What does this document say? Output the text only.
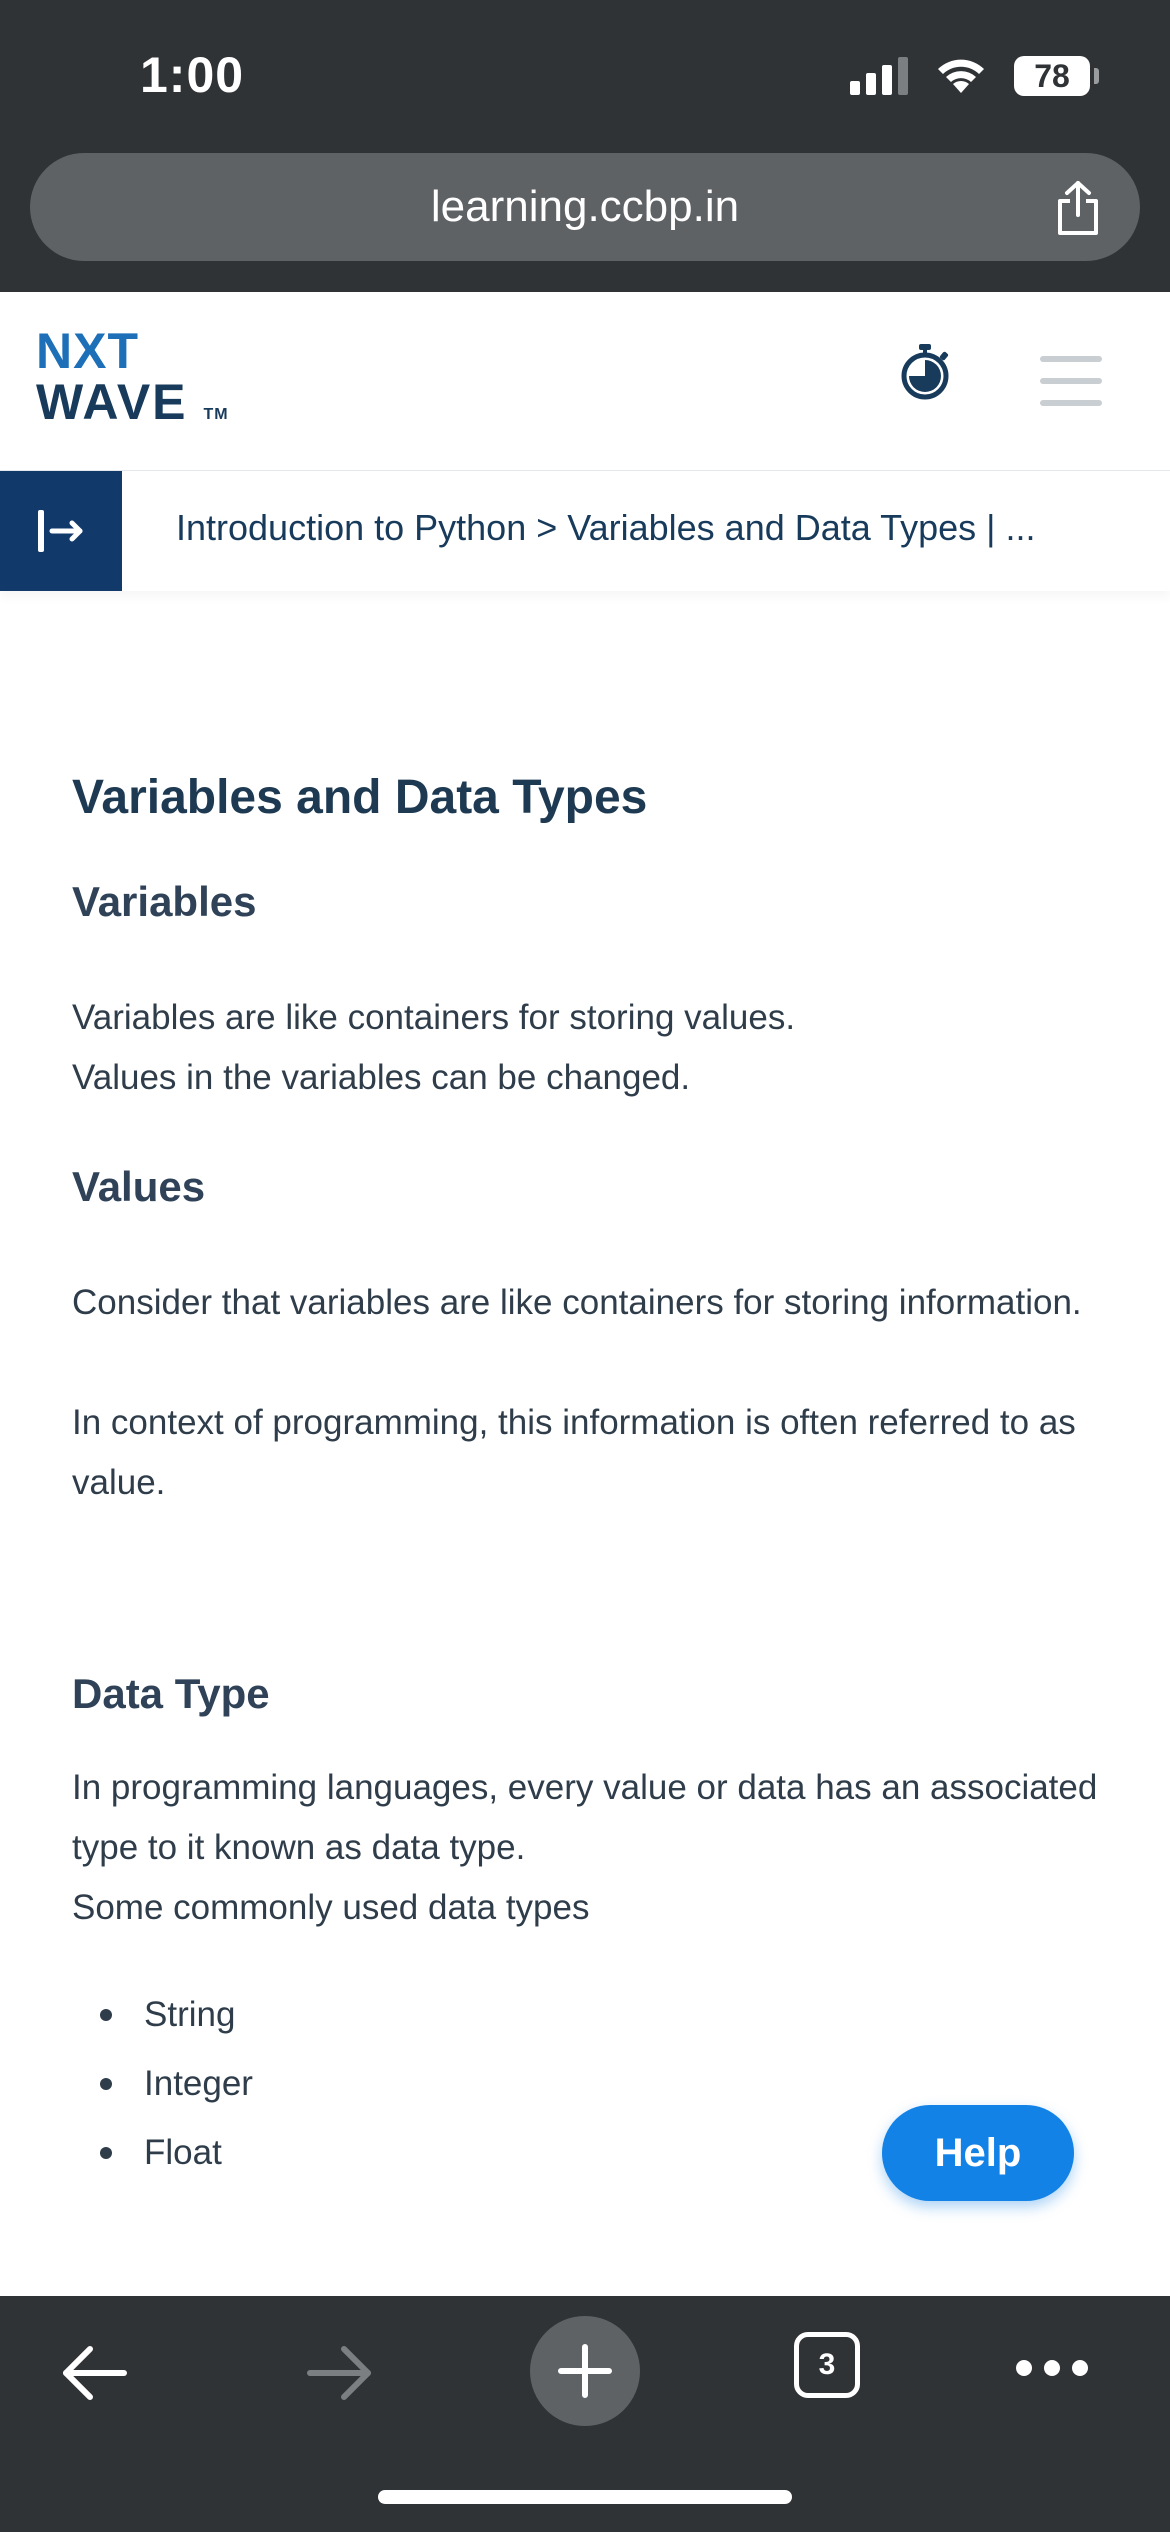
1:00	78
learning.ccbp.in
NXT
WAVE TM
Introduction to Python > Variables and Data Types | ...
Variables and Data Types
Variables

Variables are like containers for storing values.

Values in the variables can be changed.

Values

Consider that variables are like containers for storing information.

In context of programming, this information is often referred to as value.

Data Type

In programming languages, every value or data has an associated type to it known as data type.

Some commonly used data types

String
Integer
Float	Help
3
